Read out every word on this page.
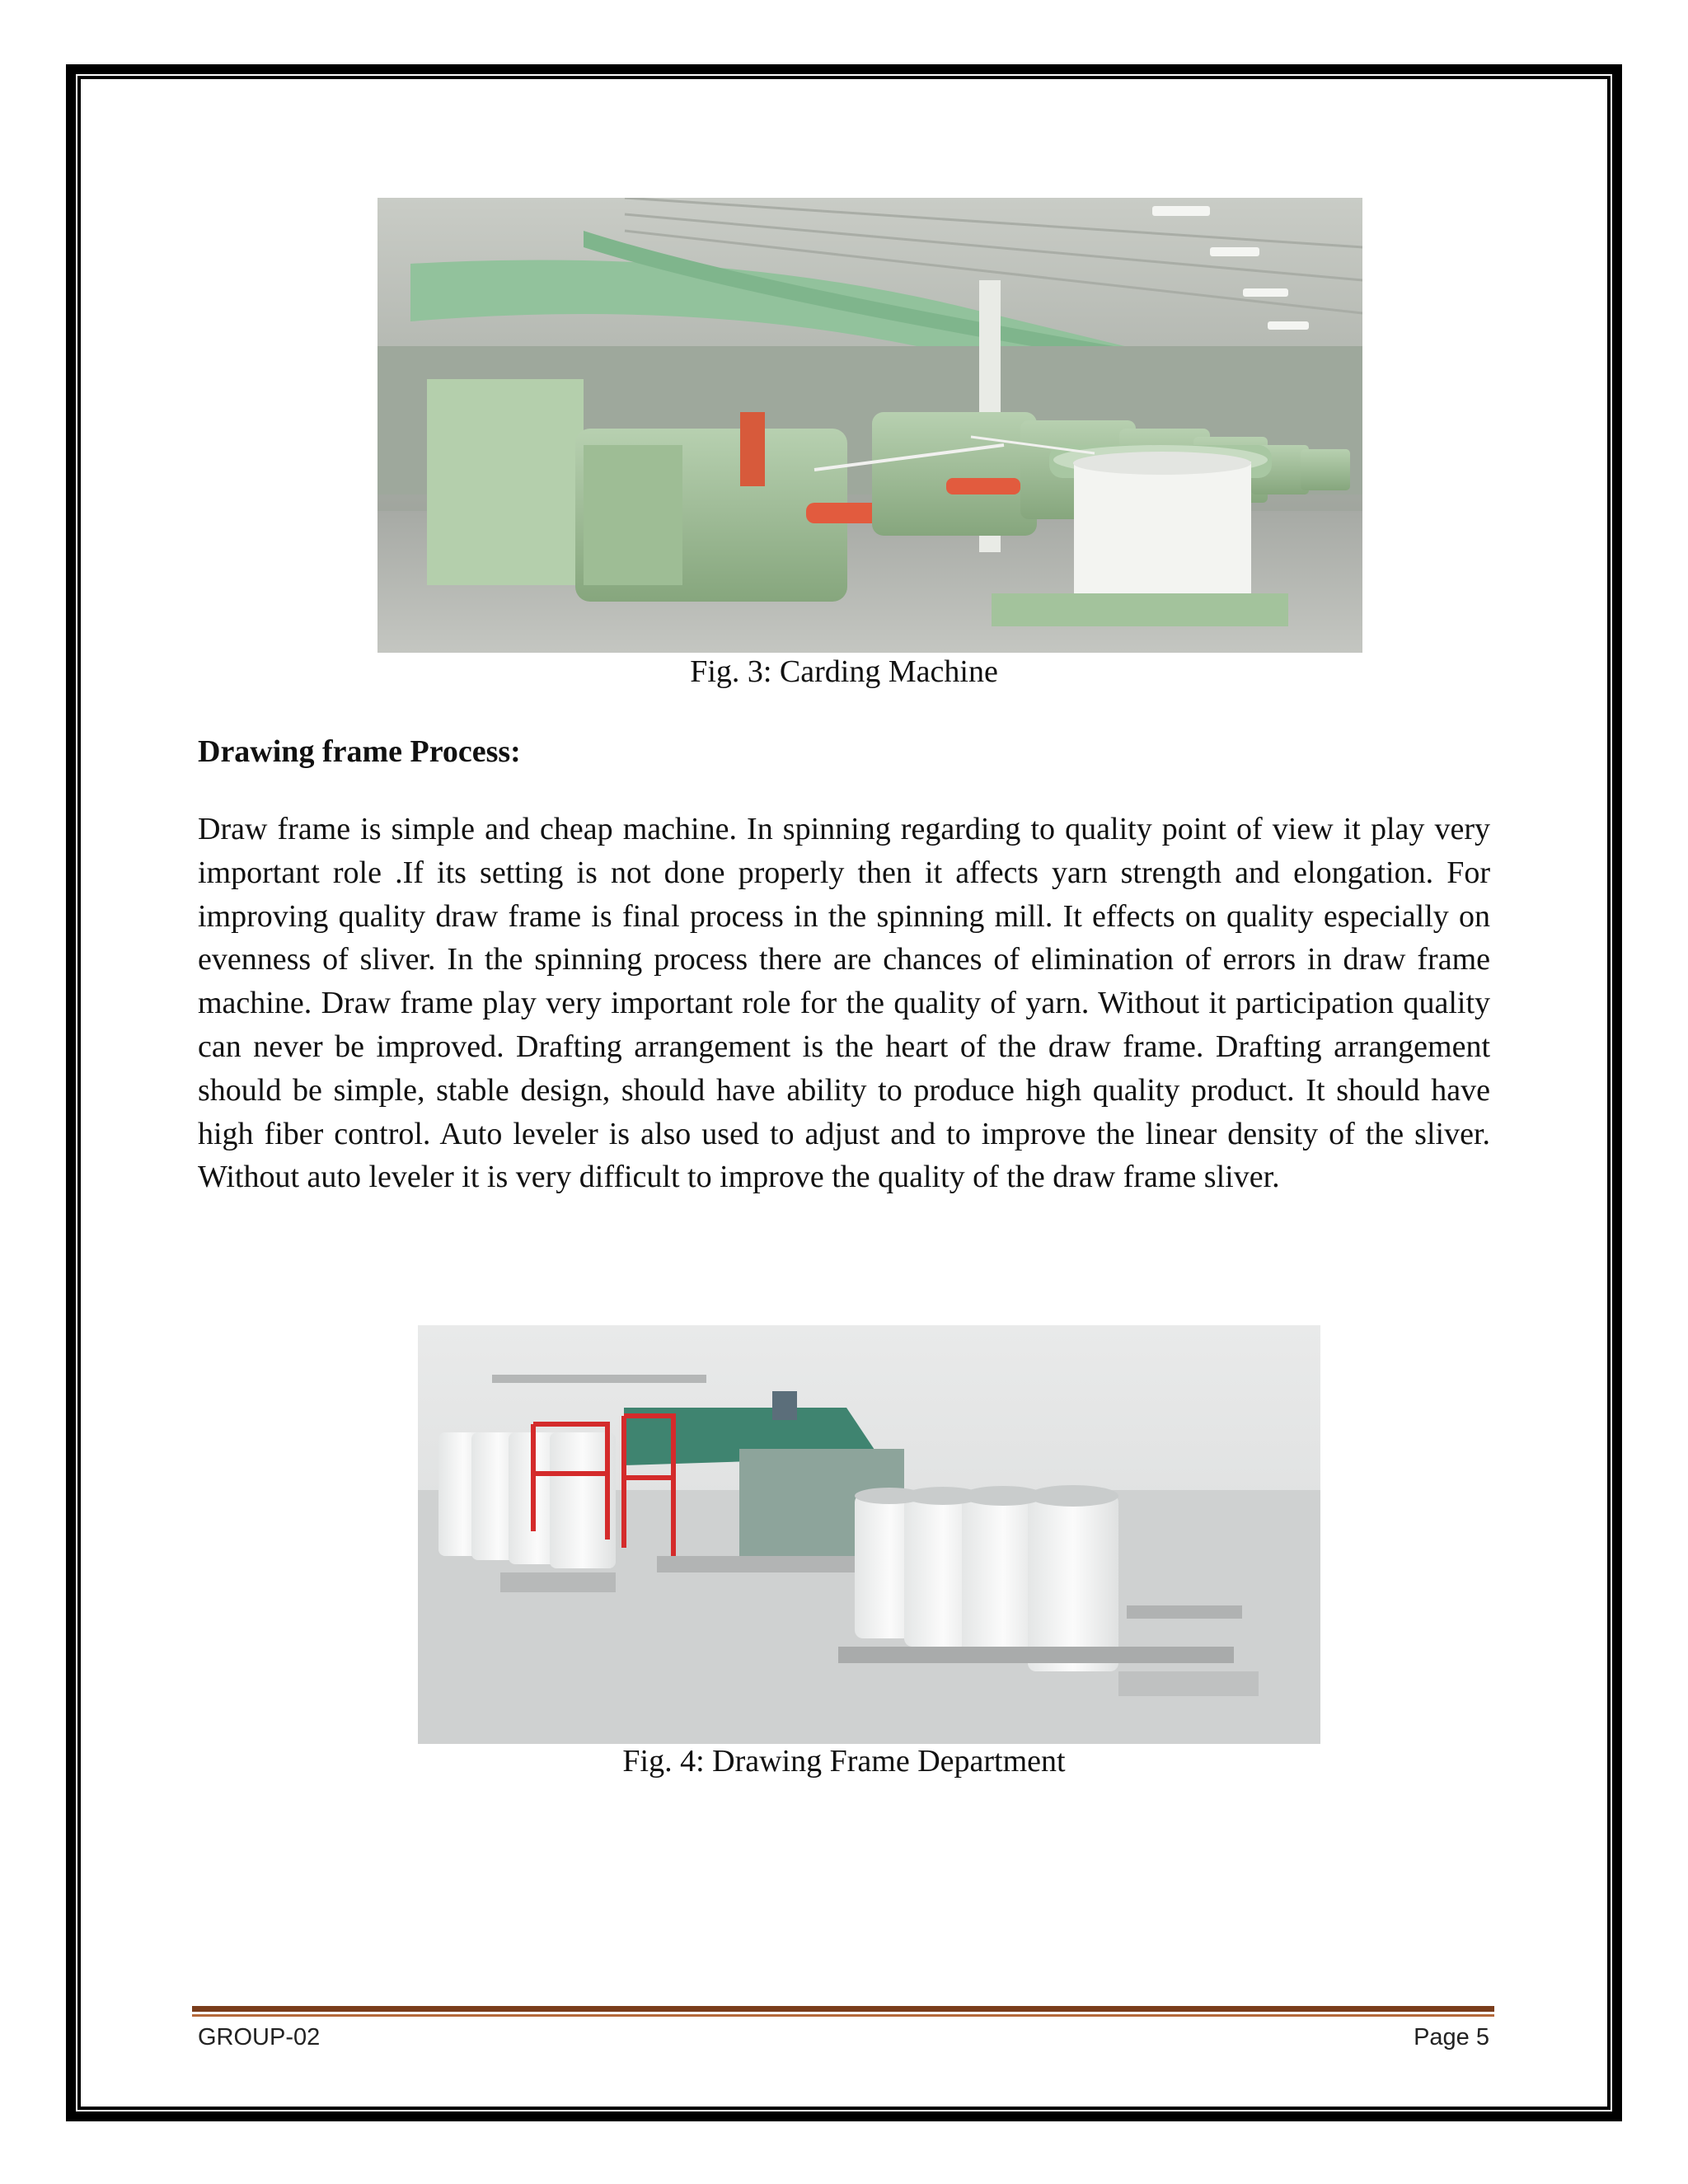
Fig. 3: Carding Machine

Drawing frame Process:

Draw frame is simple and cheap machine. In spinning regarding to quality point of view it play very important role .If its setting is not done properly then it affects yarn strength and elongation. For improving quality draw frame is final process in the spinning mill. It effects on quality especially on evenness of sliver. In the spinning process there are chances of elimination of errors in draw frame machine. Draw frame play very important role for the quality of yarn. Without it participation quality can never be improved. Drafting arrangement is the heart of the draw frame. Drafting arrangement should be simple, stable design, should have ability to produce high quality product. It should have high fiber control. Auto leveler is also used to adjust and to improve the linear density of the sliver. Without auto leveler it is very difficult to improve the quality of the draw frame sliver.

Fig. 4: Drawing Frame Department

GROUP-02	Page 5
